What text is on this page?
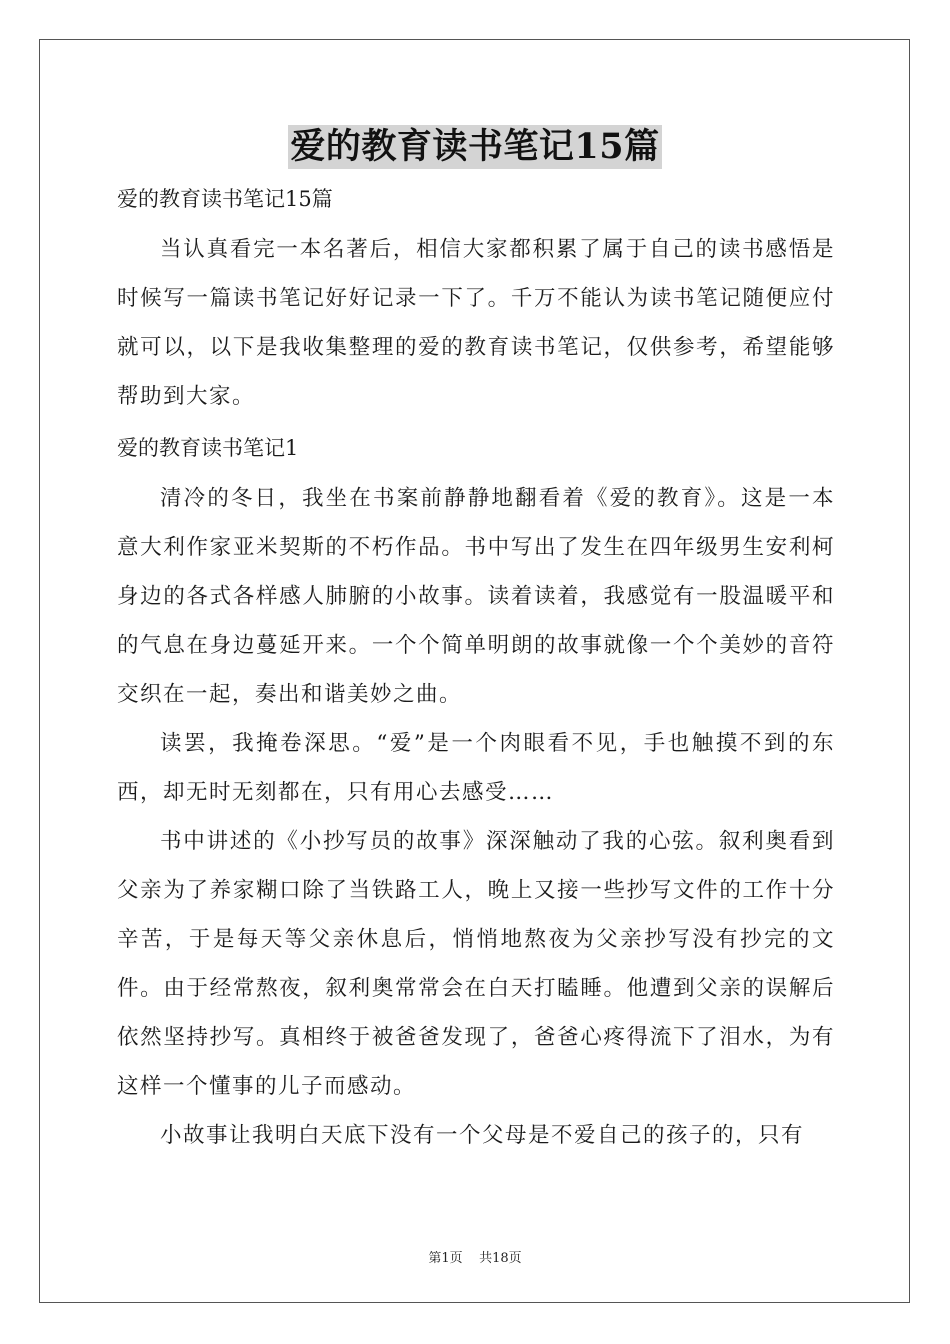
爱的教育读书笔记15篇

爱的教育读书笔记15篇

当认真看完一本名著后，相信大家都积累了属于自己的读书感悟是时候写一篇读书笔记好好记录一下了。千万不能认为读书笔记随便应付就可以，以下是我收集整理的爱的教育读书笔记，仅供参考，希望能够帮助到大家。

爱的教育读书笔记1

清冷的冬日，我坐在书案前静静地翻看着《爱的教育》。这是一本意大利作家亚米契斯的不朽作品。书中写出了发生在四年级男生安利柯身边的各式各样感人肺腑的小故事。读着读着，我感觉有一股温暖平和的气息在身边蔓延开来。一个个简单明朗的故事就像一个个美妙的音符交织在一起，奏出和谐美妙之曲。

读罢，我掩卷深思。“爱”是一个肉眼看不见，手也触摸不到的东西，却无时无刻都在，只有用心去感受……

书中讲述的《小抄写员的故事》深深触动了我的心弦。叙利奥看到父亲为了养家糊口除了当铁路工人，晚上又接一些抄写文件的工作十分辛苦，于是每天等父亲休息后，悄悄地熬夜为父亲抄写没有抄完的文件。由于经常熬夜，叙利奥常常会在白天打瞌睡。他遭到父亲的误解后依然坚持抄写。真相终于被爸爸发现了，爸爸心疼得流下了泪水，为有这样一个懂事的儿子而感动。

小故事让我明白天底下没有一个父母是不爱自己的孩子的，只有

第1页 共18页
